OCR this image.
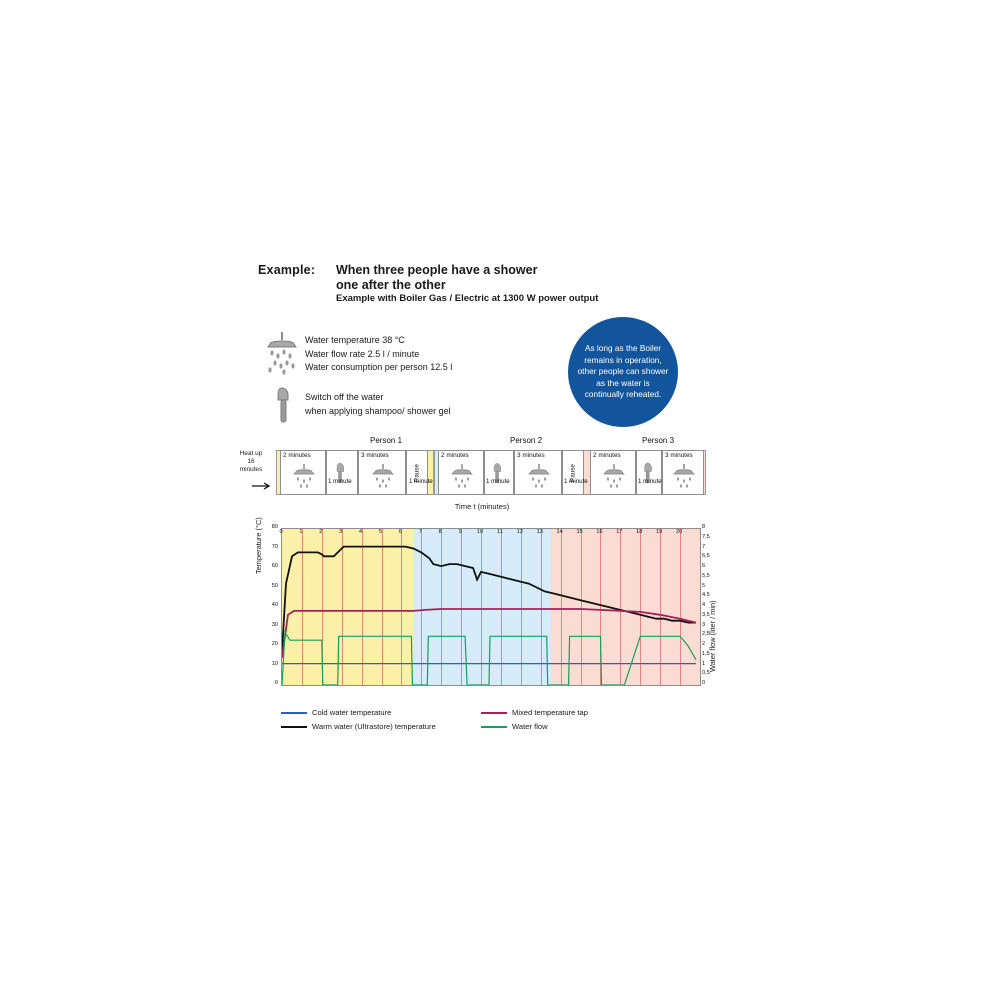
Example: When three people have a shower
one after the other
Example with Boiler Gas / Electric at 1300 W power output
Water temperature 38 °C
Water flow rate 2.5 l / minute
Water consumption per person 12.5 l
Switch off the water
when applying shampoo/ shower gel
As long as the Boiler remains in operation, other people can shower as the water is continually reheated.
Heat up
16 minutes
Person 1	Person 2	Person 3
2 minutes	3 minutes
Pause
2 minutes	3 minutes
Pause
2 minutes	3 minutes
1 minute	1 minute	1 minute	1 minute	1 minute
Time t (minutes)
Temperature (°C)
Water flow (liter / min)
80
70
60
50
40
30
20
10
0	0
0,5
1
1,5
2
2,5
3
3,5
4
4,5
5
5,5
6
6,5
7
7,5
8
0	1	2	3	4	5	6	7	8	9	10	11	12	13	14	15	16	17	18	19	20
Cold water temperature	Mixed temperature tap
Warm water (Ultrastore) temperature	Water flow
